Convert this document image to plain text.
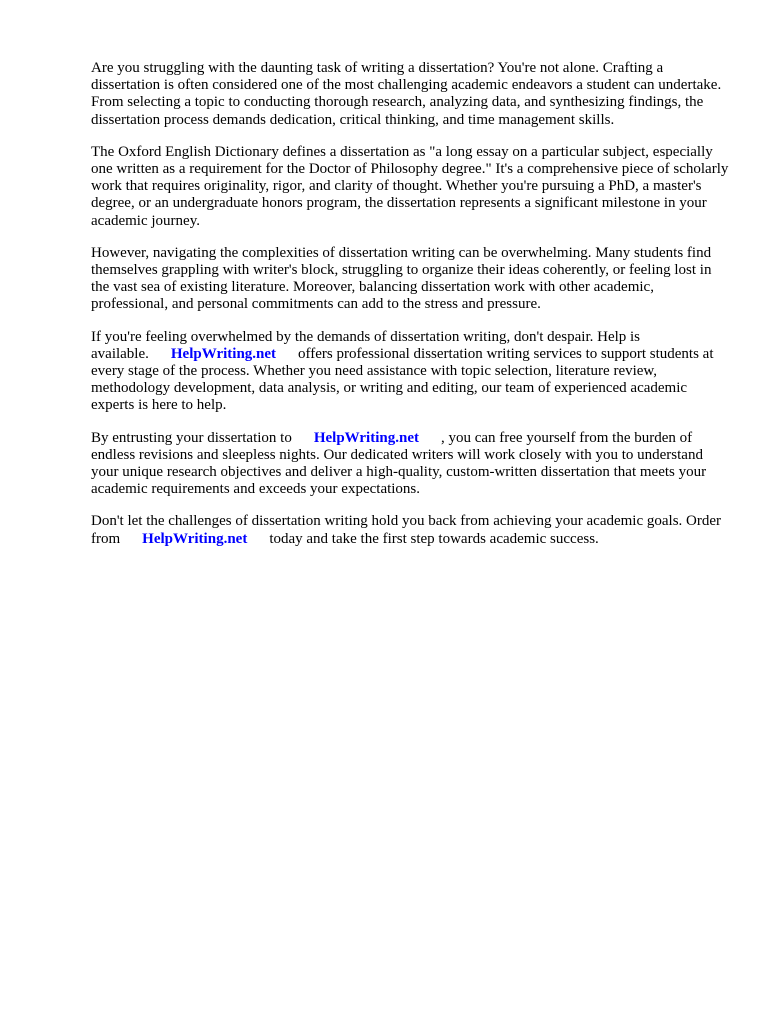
Are you struggling with the daunting task of writing a dissertation? You're not alone. Crafting a dissertation is often considered one of the most challenging academic endeavors a student can undertake. From selecting a topic to conducting thorough research, analyzing data, and synthesizing findings, the dissertation process demands dedication, critical thinking, and time management skills.

The Oxford English Dictionary defines a dissertation as "a long essay on a particular subject, especially one written as a requirement for the Doctor of Philosophy degree." It's a comprehensive piece of scholarly work that requires originality, rigor, and clarity of thought. Whether you're pursuing a PhD, a master's degree, or an undergraduate honors program, the dissertation represents a significant milestone in your academic journey.

However, navigating the complexities of dissertation writing can be overwhelming. Many students find themselves grappling with writer's block, struggling to organize their ideas coherently, or feeling lost in the vast sea of existing literature. Moreover, balancing dissertation work with other academic, professional, and personal commitments can add to the stress and pressure.

If you're feeling overwhelmed by the demands of dissertation writing, don't despair. Help is available. HelpWriting.net offers professional dissertation writing services to support students at every stage of the process. Whether you need assistance with topic selection, literature review, methodology development, data analysis, or writing and editing, our team of experienced academic experts is here to help.

By entrusting your dissertation to HelpWriting.net , you can free yourself from the burden of endless revisions and sleepless nights. Our dedicated writers will work closely with you to understand your unique research objectives and deliver a high-quality, custom-written dissertation that meets your academic requirements and exceeds your expectations.

Don't let the challenges of dissertation writing hold you back from achieving your academic goals. Order from HelpWriting.net today and take the first step towards academic success.
